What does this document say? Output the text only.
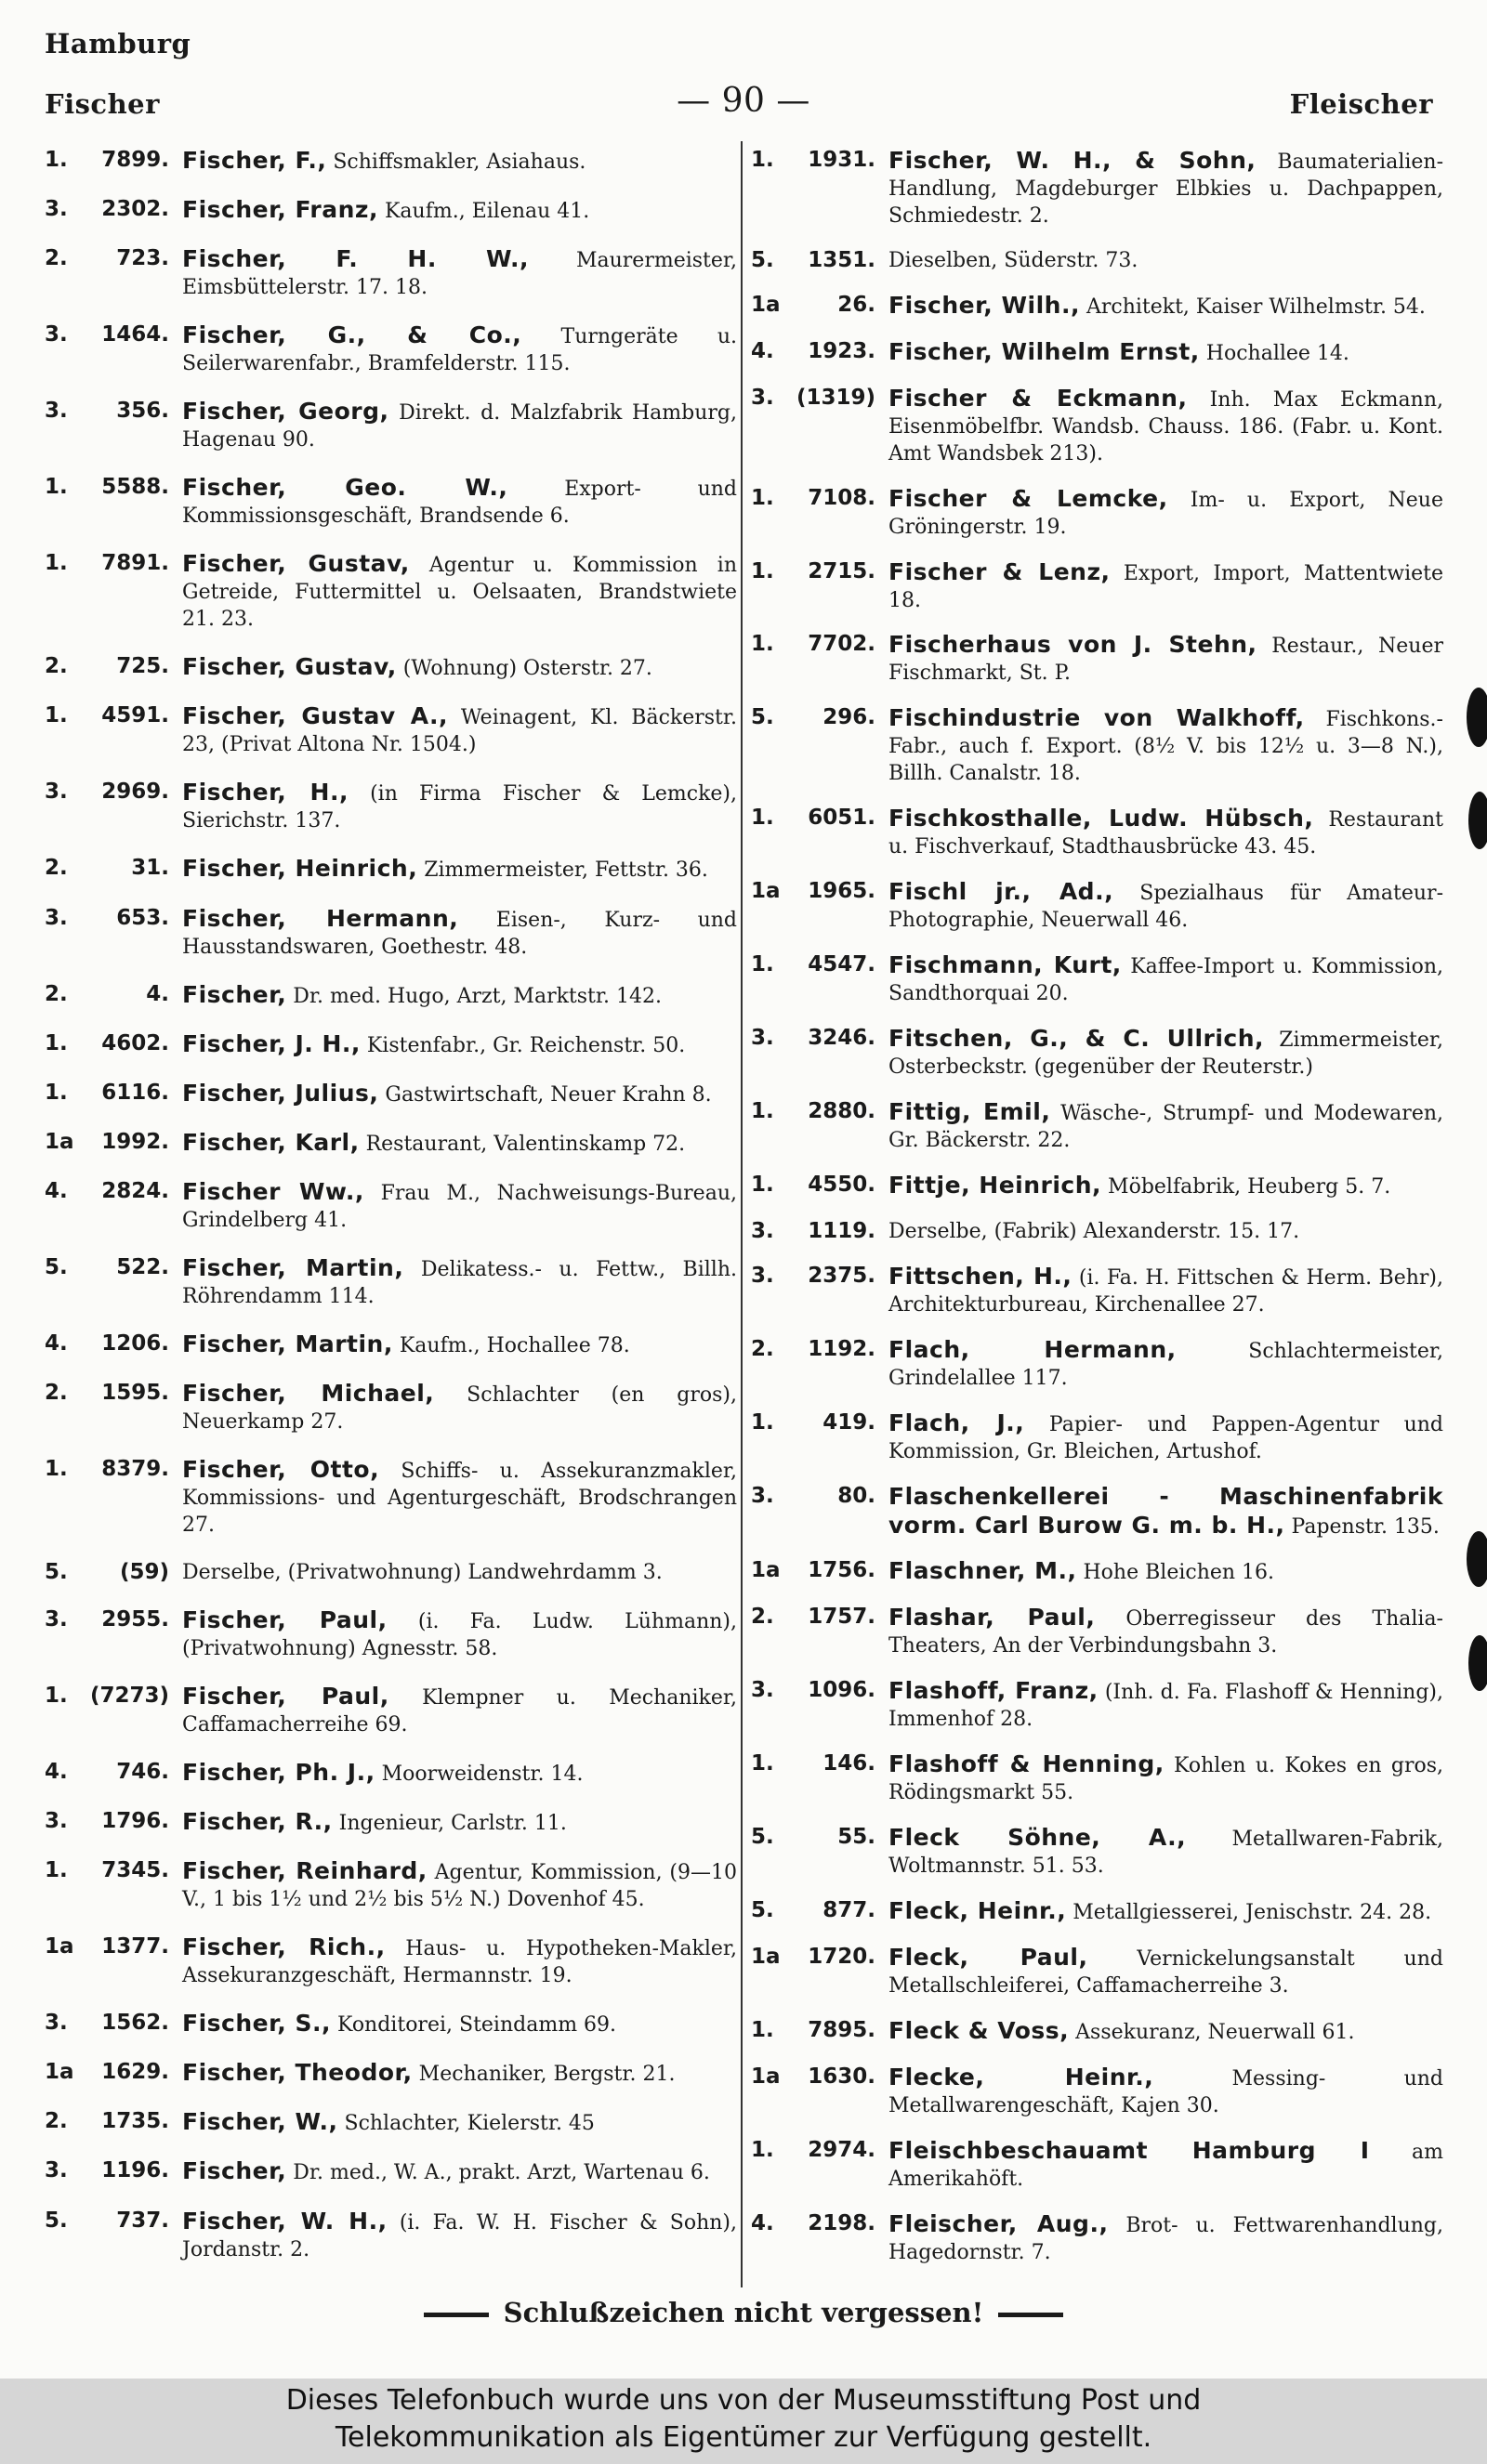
Hamburg
Fischer	— 90 —	Fleischer
1.	7899. Fischer, F., Schiffsmakler, Asiahaus.
3.	2302. Fischer, Franz, Kaufm., Eilenau 41.
2.	723. Fischer, F. H. W., Maurermeister, Eimsbüttelerstr. 17. 18.
3.	1464. Fischer, G., & Co., Turngeräte u. Seilerwarenfabr., Bramfelderstr. 115.
3.	356. Fischer, Georg, Direkt. d. Malzfabrik Hamburg, Hagenau 90.
1.	5588. Fischer, Geo. W.,	Export- und Kommissionsgeschäft, Brandsende 6.
1.	7891. Fischer, Gustav, Agentur u. Kommission in Getreide, Futtermittel u. Oelsaaten, Brandstwiete 21. 23.
2.	725. Fischer, Gustav, (Wohnung) Osterstr. 27.
1.	4591. Fischer, Gustav A., Weinagent, Kl. Bäckerstr. 23, (Privat Altona Nr. 1504.)
3.	2969. Fischer, H., (in Firma Fischer & Lemcke), Sierichstr. 137.
2.	31. Fischer, Heinrich, Zimmermeister, Fettstr. 36.
3.	653. Fischer, Hermann, Eisen-, Kurz- und Hausstandswaren, Goethestr. 48.
2.	4. Fischer, Dr. med. Hugo, Arzt, Marktstr. 142.
1.	4602. Fischer, J. H., Kistenfabr., Gr. Reichenstr. 50.
1.	6116. Fischer, Julius, Gastwirtschaft, Neuer Krahn 8.
1a	1992. Fischer, Karl, Restaurant, Valentinskamp 72.
4.	2824. Fischer Ww., Frau M., Nachweisungs-Bureau, Grindelberg 41.
5.	522. Fischer, Martin, Delikatess.- u. Fettw., Billh. Röhrendamm 114.
4.	1206. Fischer, Martin, Kaufm., Hochallee 78.
2.	1595. Fischer, Michael, Schlachter (en gros), Neuerkamp 27.
1.	8379. Fischer, Otto, Schiffs- u. Assekuranzmakler, Kommissions- und Agenturgeschäft, Brodschrangen 27.
5.	(59) Derselbe, (Privatwohnung) Landwehrdamm 3.
3.	2955. Fischer, Paul, (i. Fa. Ludw. Lühmann), (Privatwohnung) Agnesstr. 58.
1.	(7273) Fischer, Paul, Klempner u. Mechaniker, Caffamacherreihe 69.
4.	746. Fischer, Ph. J., Moorweidenstr. 14.
3.	1796. Fischer, R., Ingenieur, Carlstr. 11.
1.	7345. Fischer, Reinhard, Agentur, Kommission, (9—10 V., 1 bis 1½ und 2½ bis 5½ N.) Dovenhof 45.
1a	1377. Fischer, Rich., Haus- u. Hypotheken-Makler, Assekuranzgeschäft, Hermannstr. 19.
3.	1562. Fischer, S., Konditorei, Steindamm 69.
1a	1629. Fischer, Theodor, Mechaniker, Bergstr. 21.
2.	1735. Fischer, W., Schlachter, Kielerstr. 45
3.	1196. Fischer, Dr. med., W. A., prakt. Arzt, Wartenau 6.
5.	737. Fischer, W. H., (i. Fa. W. H. Fischer & Sohn), Jordanstr. 2.
1.	1931. Fischer, W. H., & Sohn, Baumaterialien-Handlung, Magdeburger Elbkies u. Dachpappen, Schmiedestr. 2.
5.	1351. Dieselben, Süderstr. 73.
1a	26. Fischer, Wilh., Architekt, Kaiser Wilhelmstr. 54.
4.	1923. Fischer, Wilhelm Ernst, Hochallee 14.
3.	(1319) Fischer & Eckmann, Inh. Max Eckmann, Eisenmöbelfbr. Wandsb. Chauss. 186. (Fabr. u. Kont. Amt Wandsbek 213).
1.	7108. Fischer & Lemcke, Im- u. Export, Neue Gröningerstr. 19.
1.	2715. Fischer & Lenz, Export, Import, Mattentwiete 18.
1.	7702. Fischerhaus von J. Stehn, Restaur., Neuer Fischmarkt, St. P.
5.	296. Fischindustrie von Walkhoff, Fischkons.-Fabr., auch f. Export. (8½ V. bis 12½ u. 3—8 N.), Billh. Canalstr. 18.
1.	6051. Fischkosthalle, Ludw. Hübsch, Restaurant u. Fischverkauf, Stadthausbrücke 43. 45.
1a	1965. Fischl jr., Ad., Spezialhaus für Amateur-Photographie, Neuerwall 46.
1.	4547. Fischmann, Kurt, Kaffee-Import u. Kommission, Sandthorquai 20.
3.	3246. Fitschen, G., & C. Ullrich, Zimmermeister, Osterbeckstr. (gegenüber der Reuterstr.)
1.	2880. Fittig, Emil, Wäsche-, Strumpf- und Modewaren, Gr. Bäckerstr. 22.
1.	4550. Fittje, Heinrich, Möbelfabrik, Heuberg 5. 7.
3.	1119. Derselbe, (Fabrik) Alexanderstr. 15. 17.
3.	2375. Fittschen, H., (i. Fa. H. Fittschen & Herm. Behr), Architekturbureau, Kirchenallee 27.
2.	1192. Flach, Hermann,	Schlachtermeister, Grindelallee 117.
1.	419. Flach, J., Papier- und Pappen-Agentur und Kommission, Gr. Bleichen, Artushof.
3.	80. Flaschenkellerei - Maschinenfabrik vorm. Carl Burow G. m. b. H., Papenstr. 135.
1a	1756. Flaschner, M., Hohe Bleichen 16.
2.	1757. Flashar, Paul, Oberregisseur des Thalia-Theaters, An der Verbindungsbahn 3.
3.	1096. Flashoff, Franz, (Inh. d. Fa. Flashoff & Henning), Immenhof 28.
1.	146. Flashoff & Henning, Kohlen u. Kokes en gros, Rödingsmarkt 55.
5.	55. Fleck Söhne, A., Metallwaren-Fabrik, Woltmannstr. 51. 53.
5.	877. Fleck, Heinr., Metallgiesserei, Jenischstr. 24. 28.
1a	1720. Fleck, Paul, Vernickelungsanstalt und Metallschleiferei, Caffamacherreihe 3.
1.	7895. Fleck & Voss, Assekuranz, Neuerwall 61.
1a	1630. Flecke, Heinr.,	Messing- und Metallwarengeschäft, Kajen 30.
1.	2974. Fleischbeschauamt Hamburg I am Amerikahöft.
4.	2198. Fleischer, Aug., Brot- u. Fettwarenhandlung, Hagedornstr. 7.
Schlußzeichen nicht vergessen!
Dieses Telefonbuch wurde uns von der Museumsstiftung Post und
Telekommunikation als Eigentümer zur Verfügung gestellt.
